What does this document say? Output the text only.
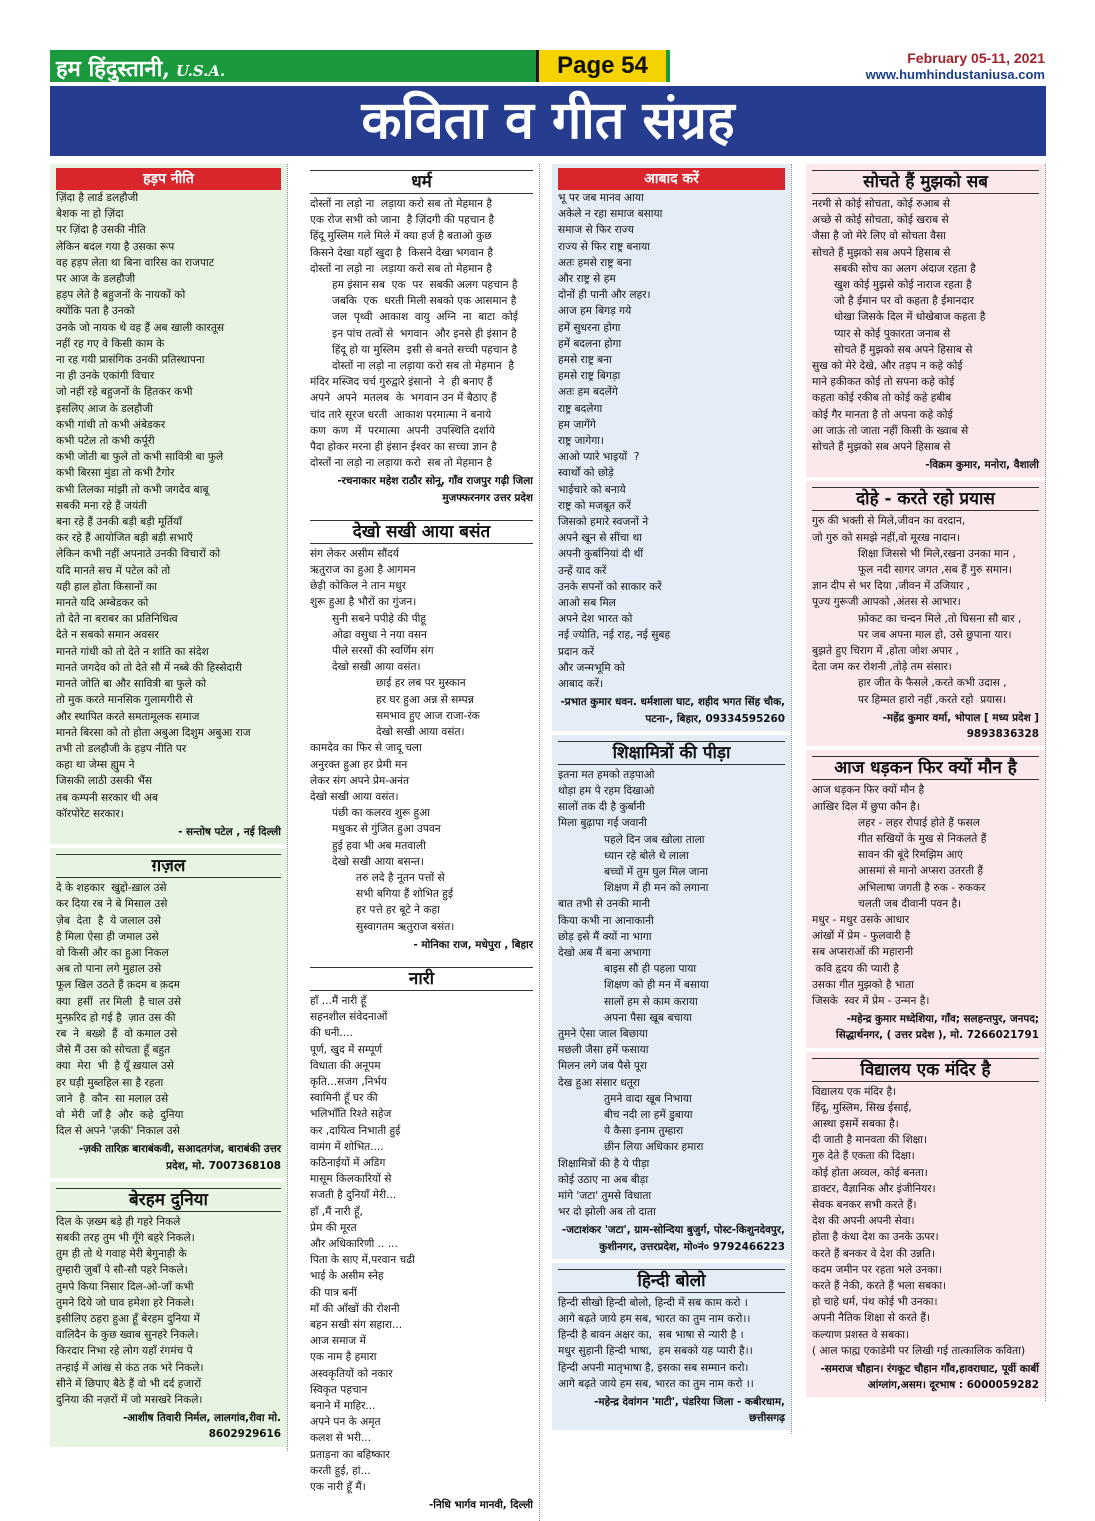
हम हिंदुस्तानी, U.S.A.	Page 54	February 05-11, 2021
www.humhindustaniusa.com
कविता व गीत संग्रह
हड़प नीति

ज़िंदा है लार्ड डलहौजी

बेशक ना हो ज़िंदा

पर ज़िंदा है उसकी नीति

लेकिन बदल गया है उसका रूप

वह हड़प लेता था बिना वारिस का राजपाट

पर आज के डलहौजी

हड़प लेते है बहुजनों के नायकों को

क्योंकि पता है उनको

उनके जो नायक थे वह हैं अब खाली कारतूस

नहीं रह गए वे किसी काम के

ना रह गयी प्रासंगिक उनकी प्रतिस्थापना

ना ही उनके एकांगी विचार

जो नहीं रहे बहुजनों के हितकर कभी

इसलिए आज के डलहौजी

कभी गांधी तो कभी अंबेडकर

कभी पटेल तो कभी कर्पूरी

कभी जोती बा फुले तो कभी सावित्री बा फुले

कभी बिरसा मुंडा तो कभी टैगोर

कभी तिलका मांझी तो कभी जगदेव बाबू

सबकी मना रहे हैं जयंती

बना रहे हैं उनकी बड़ी बड़ी मूर्तियाँ

कर रहे हैं आयोजित बड़ी बड़ी सभाएँ

लेकिन कभी नहीं अपनाते उनकी विचारों को

यदि मानते सच में पटेल को तो

यही हाल होता किसानों का

मानते यदि अम्बेडकर को

तो देते ना बराबर का प्रतिनिधित्व

देते न सबको समान अवसर

मानते गांधी को तो देते न शांति का संदेश

मानते जगदेव को तो देते सौ में नब्बे की हिस्सेदारी

मानते जोति बा और सावित्री बा फुले को

तो मुक करते मानसिक गुलामगीरी से

और स्थापित करते समतामूलक समाज

मानते बिरसा को तो होता अबुआ दिशुम अबुआ राज

तभी तो डलहौजी के हड़प नीति पर

कहा था जेम्स ह्युम ने

जिसकी लाठी उसकी भैंस

तब कम्पनी सरकार थी अब

कॉरपोरेट सरकार।

- सन्तोष पटेल , नई दिल्ली
ग़ज़ल

दे के शहकार  खुद्दो-ख़ाल उसे

कर दिया रब ने बे मिसाल उसे

ज़ेब  देता  है  ये जलाल उसे

है मिला ऐसा ही जमाल उसे

वो किसी और का हुआ निकल

अब तो पाना लगे मुहाल उसे

फूल खिल उठते हैं क़दम ब क़दम

क्या  हसीं  तर मिली  है चाल उसे

मुन्फ़रिद हो गई है  ज़ात उस की

रब  ने  बख्शे  हैं  वो कमाल उसे

जैसे मैं उस को सोचता हूँ बहुत

क्या  मेरा  भी  है यूँ ख़याल उसे

हर घड़ी मुब्तहिल सा है रहता

जाने  है  कौन  सा मलाल उसे

वो  मेरी  जाँ है  और  कहे  दुनिया

दिल से अपने 'ज़की' निकाल उसे

-ज़की तारिक़ बाराबंकवी, सआदतगंज, बाराबंकी उत्तर प्रदेश, मो. 7007368108
बेरहम दुनिया

दिल के ज़ख्म बड़े ही गहरे निकले

सबकी तरह तुम भी गूँगे बहरे निकले।

तुम ही तो थे गवाह मेरी बेगुनाही के

तुम्हारी ज़ुबाँ पे सौ-सौ पहरे निकले।

तुमपे किया निसार दिल-ओ-जाँ कभी

तुमने दिये जो घाव हमेशा हरे निकले।

इसीलिए ठहरा हुआ हूँ बेरहम दुनिया में

वालिदैन के कुछ ख्वाब सुनहरे निकले।

किरदार निभा रहे लोग यहाँ रंगमंच पे

तन्हाई में आंख से कंठ तक भरे निकले।

सीने में छिपाए बैठे हैं वो भी दर्द हजारों

दुनिया की नज़रों में जो मसखरे निकले।

-आशीष तिवारी निर्मल, लालगांव,रीवा मो. 8602929616
धर्म

दोस्तों ना लड़ो ना  लड़ाया करो सब तो मेहमान है

एक रोज सभी को जाना  है ज़िंदगी की पहचान है

हिंदू मुस्लिम गले मिले में क्या हर्ज है बताओ कुछ

किसने देखा यहाँ खुदा है  किसने देखा भगवान है

दोस्तों ना लड़ो ना  लड़ाया करो सब तो मेहमान है

हम इंसान सब  एक  पर  सबकी अलग पहचान है

जबकि  एक  धरती मिली सबको एक आसमान है

जल  पृथ्वी  आकाश  वायु  अग्नि  ना  बाटा  कोई

इन पांच तत्वों से  भगवान  और इनसे ही इंसान है

हिंदू हो या मुस्लिम  इसी से बनते सच्ची पहचान है

दोस्तों ना लड़ो ना लड़ाया करो सब तो मेहमान  है

मंदिर मस्जिद चर्च गुरुद्वारे इंसानो  ने  ही बनाए हैं

अपने  अपने  मतलब  के  भगवान उन में बैठाए हैं

चांद तारे सूरज धरती  आकाश परमात्मा ने बनाये

कण  कण  में  परमात्मा  अपनी  उपस्थिति दर्शाये

पैदा होकर मरना ही इंसान ईश्वर का सच्चा ज्ञान है

दोस्तों ना लड़ो ना लड़ाया करो  सब तो मेहमान है

-रचनाकार महेश राठौर सोनू, गाँव राजपुर गढ़ी जिला मुजफ्फरनगर उत्तर प्रदेश
देखो सखी आया बसंत

संग लेकर असीम सौंदर्य

ऋतुराज का हुआ है आगमन

छेड़ी कोकिल ने तान मधुर

शुरू हुआ है भौरों का गुंजन।

सुनी सबने पपीहे की पीहू

ओढा वसुधा ने नया वसन

पीले सरसों की स्वर्णिम संग

देखो सखी आया वसंत।

छाई हर लब पर मुस्कान

हर घर हुआ अन्न से सम्पन्न

समभाव हुए आज राजा-रंक

देखो सखी आया वसंत।

कामदेव का फिर से जादू चला

अनुरक्त हुआ हर प्रेमी मन

लेकर संग अपने प्रेम-अनंत

देखो सखी आया वसंत।

पंछी का कलरव शुरू हुआ

मधुकर से गुंजित हुआ उपवन

हुई हवा भी अब मतवाली

देखो सखी आया बसन्त।

तरु लदे है नूतन पत्तों से

सभी बगिया हैं शोभित हुई

हर पत्ते हर बूटे ने कहा

सुस्वागतम ऋतुराज बसंत।

- मोनिका राज, मधेपुरा , बिहार
नारी

हाँ ...मैं नारी हूँ

सहनशील संवेदनाओं

की धनी....

पूर्ण, खुद में सम्पूर्ण

विधाता की अनूपम

कृति...सजग ,निर्भय

स्वामिनी हूँ घर की

भलिभाँति रिश्ते सहेज

कर ,दायित्व निभाती हुई

वामंग में शोभित....

कठिनाईयों में अडिग

मासूम किलकारियों से

सजती है दुनियाँ मेरी...

हाँ ,मैं नारी हूँ,

प्रेम की मूरत

और अधिकारिणी .. ...

पिता के साए में,परवान चढी

भाई के असीम स्नेह

की पात्र बनीं

माँ की आँखों की रोशनी

बहन सखी संग सहारा...

आज समाज में

एक नाम है हमारा

अस्वकृतियों को नकार

स्विकृत पहचान

बनाने में माहिर...

अपने पन के अमृत

कलश से भरी...

प्रताड़ना का बहिष्कार

करती हुई, हां...

एक नारी हूँ मैं।

-निधि भार्गव मानवी, दिल्ली
आबाद करें

भू पर जब मानव आया

अकेले न रहा समाज बसाया

समाज से फिर राज्य

राज्य से फिर राष्ट्र बनाया

अतः हमसे राष्ट्र बना

और राष्ट्र से हम

दोनों ही पानी और लहर।

आज हम बिगड़ गये

हमें सुधरना होगा

हमें बदलना होगा

हमसे राष्ट्र बना

हमसे राष्ट्र बिगड़ा

अतः हम बदलेंगे

राष्ट्र बदलेगा

हम जागेंगे

राष्ट्र जागेगा।

आओ प्यारे भाइयों  ?

स्वार्थों को छोड़े

भाईचारे को बनाये

राष्ट्र को मजबूत करें

जिसको हमारे स्वजनों ने

अपने खून से सींचा था

अपनी कुर्बानियां दी थीं

उन्हें याद करें

उनके सपनों को साकार करें

आओ सब मिल

अपने देश भारत को

नई ज्योति, नई राह, नई सुबह

प्रदान करें

और जन्मभूमि को

आबाद करें।

-प्रभात कुमार धवन. धर्मशाला घाट, शहीद भगत सिंह चौक, पटना-, बिहार, 09334595260
शिक्षामित्रों की पीड़ा

इतना मत हमको तड़पाओ

थोड़ा हम पे रहम दिखाओ

सालों तक दी है कुर्बानी

मिला बुढ़ापा गई जवानी

पहले दिन जब खोला ताला

ध्यान रहे बोले थे लाला

बच्चों में तुम घुल मिल जाना

शिक्षण में ही मन को लगाना

बात तभी से उनकी मानी

किया कभी ना आनाकानी

छोड़ इसे मैं क्यों ना भागा

देखो अब मैं बना अभागा

बाइस सौ ही पहला पाया

शिक्षण को ही मन में बसाया

सालों हम से काम कराया

अपना पैसा खूब बचाया

तुमने ऐसा जाल बिछाया

मछली जैसा हमें फसाया

मिलन लगे जब पैसे पूरा

देख हुआ संसार धतूरा

तुमने वादा खूब निभाया

बीच नदी ला हमें डुबाया

ये कैसा इनाम तुम्हारा

छीन लिया अधिकार हमारा

शिक्षामित्रों की है ये पीड़ा

कोई उठाए ना अब बीड़ा

मांगे 'जटा' तुमसे विधाता

भर दो झोली अब तो दाता

-जटाशंकर 'जटा', ग्राम-सोन्दिया बुजुर्ग, पोस्ट-किशुनदेवपुर, कुशीनगर, उत्तरप्रदेश, मो०नं० 9792466223
हिन्दी बोलो

हिन्दी सीखो हिन्दी बोलो, हिन्दी में सब काम करो ।

आगे बढ़ते जाये हम सब, भारत का तुम नाम करो।।

हिन्दी है बावन अक्षर का,  सब भाषा से न्यारी है ।

मधुर सुहानी हिन्दी भाषा,  हम सबको यह प्यारी है।।

हिन्दी अपनी मातृभाषा है, इसका सब सम्मान करो।

आगे बढ़ते जाये हम सब, भारत का तुम नाम करो ।।

-महेन्द्र देवांगन 'माटी', पंडरिया जिला - कबीरधाम, छत्तीसगढ़
सोचते हैं मुझको सब

नरमी से कोई सोचता, कोई रुआब से

अच्छे से कोई सोचता, कोई खराब से

जैसा है जो मेरे लिए वो सोचता वैसा

सोचते हैं मुझको सब अपने हिसाब से

सबकी सोच का अलग अंदाज रहता है

खुश कोई मुझसे कोई नाराज रहता है

जो है ईमान पर वो कहता है ईमानदार

धोखा जिसके दिल में धोखेबाज कहता है

प्यार से कोई पुकारता जनाब से

सोचते हैं मुझको सब अपने हिसाब से

सुख को मेरे देखे, और तड़प न कहे कोई

माने हकीकत कोई तो सपना कहे कोई

कहता कोई रकीब तो कोई कहे हबीब

कोई गैर मानता है तो अपना कहे कोई

आ जाऊं तो जाता नहीं किसी के ख्वाब से

सोचते हैं मुझको सब अपने हिसाब से

-विक्रम कुमार, मनोरा, वैशाली
दोहे - करते रहो प्रयास

गुरु की भक्ती से मिले,जीवन का वरदान,

जो गुरु को समझे नहीं,वो मूरख नादान।

शिक्षा जिससे भी मिले,रखना उनका मान ,

फूल नदी सागर जगत ,सब हैं गुरु समान।

ज्ञान दीप से भर दिया ,जीवन में उजियार ,

पूज्य गुरूजी आपको ,अंतस से आभार।

फ़ोकट का चन्दन मिले ,तो घिसना सौ बार ,

पर जब अपना माल हो, उसे छुपाना यार।

बुझते हुए चिराग में ,होता जोश अपार ,

देता जम कर रोशनी ,तोड़े तम संसार।

हार जीत के फैसले ,करते कभी उदास ,

पर हिम्मत हारो नहीं ,करते रहो  प्रयास।

-महेंद्र कुमार वर्मा, भोपाल [ मध्य प्रदेश ] 9893836328
आज धड़कन फिर क्यों मौन है

आज धड़कन फिर क्यों मौन है

आखिर दिल में छुपा कौन है।

लहर - लहर रोपाई होते हैं फसल

गीत सखियों के मुख से निकलते हैं

सावन की बूंदे रिमझिम आएं

आसमां से मानो अप्सरा उतरती हैं

अभिलाषा जगती है रुक - रुककर

चलती जब दीवानी पवन है।

मधुर - मधुर उसके आधार

आंखों में प्रेम - फुलवारी है

सब अप्सराओं की महारानी

कवि हृदय की प्यारी है

उसका गीत मुझको है भाता

जिसके  स्वर में प्रेम - उन्मन है।

-महेन्द्र कुमार मध्देशिया, गाँव; सलहन्तपुर, जनपद; सिद्धार्थनगर, ( उत्तर प्रदेश ), मो. 7266021791
विद्यालय एक मंदिर है

विद्यालय एक मंदिर है।

हिंदू, मुस्लिम, सिख ईसाई,

आस्था इसमें सबका है।

दी जाती है मानवता की शिक्षा।

गुरु देते हैं एकता की दिक्षा।

कोई होता अव्वल, कोई बनता।

डाक्टर, वैज्ञानिक और इंजीनियर।

सेवक बनकर सभी करते हैं।

देश की अपनी अपनी सेवा।

होता है कंधा देश का उनके ऊपर।

करते हैं बनकर वे देश की उन्नति।

कदम जमीन पर रहता भले उनका।

करते हैं नेकी, करते हैं भला सबका।

हो चाहे धर्म, पंथ कोई भी उनका।

अपनी नैतिक शिक्षा से करते हैं।

कल्याण प्रशस्त वे सबका।

( आल फाह्म एकाडेमी पर लिखी गई तात्कालिक कविता)

-समराज चौहान। रंगकूट चौहान गाँव,हावराघाट, पूर्वी कार्बी आंग्लांग,असम। दूरभाष : 6000059282
